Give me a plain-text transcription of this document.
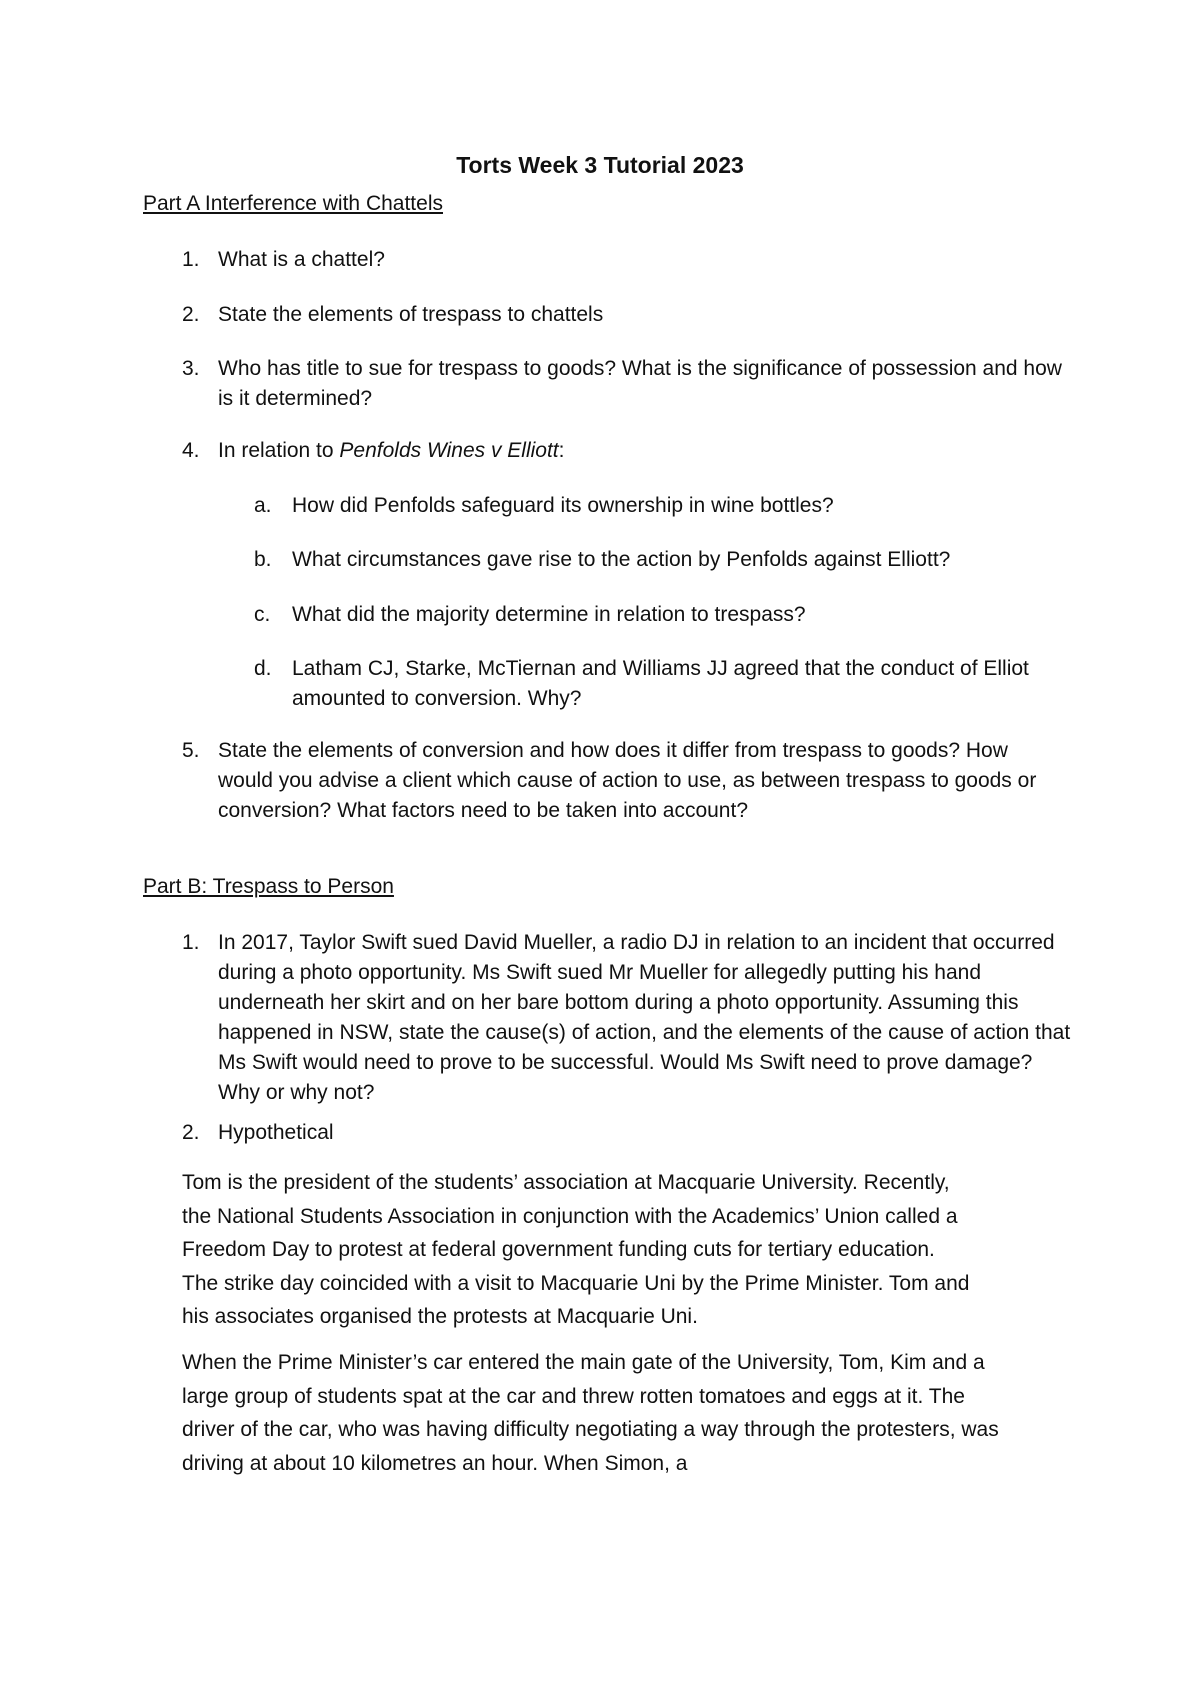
Torts Week 3 Tutorial 2023
Part A Interference with Chattels
1. What is a chattel?
2. State the elements of trespass to chattels
3. Who has title to sue for trespass to goods? What is the significance of possession and how is it determined?
4. In relation to Penfolds Wines v Elliott:
a. How did Penfolds safeguard its ownership in wine bottles?
b. What circumstances gave rise to the action by Penfolds against Elliott?
c. What did the majority determine in relation to trespass?
d. Latham CJ, Starke, McTiernan and Williams JJ agreed that the conduct of Elliot amounted to conversion. Why?
5. State the elements of conversion and how does it differ from trespass to goods? How would you advise a client which cause of action to use, as between trespass to goods or conversion? What factors need to be taken into account?
Part B: Trespass to Person
1. In 2017, Taylor Swift sued David Mueller, a radio DJ in relation to an incident that occurred during a photo opportunity. Ms Swift sued Mr Mueller for allegedly putting his hand underneath her skirt and on her bare bottom during a photo opportunity. Assuming this happened in NSW, state the cause(s) of action, and the elements of the cause of action that Ms Swift would need to prove to be successful. Would Ms Swift need to prove damage? Why or why not?
2. Hypothetical
Tom is the president of the students’ association at Macquarie University. Recently, the National Students Association in conjunction with the Academics’ Union called a Freedom Day to protest at federal government funding cuts for tertiary education. The strike day coincided with a visit to Macquarie Uni by the Prime Minister. Tom and his associates organised the protests at Macquarie Uni.
When the Prime Minister’s car entered the main gate of the University, Tom, Kim and a large group of students spat at the car and threw rotten tomatoes and eggs at it. The driver of the car, who was having difficulty negotiating a way through the protesters, was driving at about 10 kilometres an hour. When Simon, a
